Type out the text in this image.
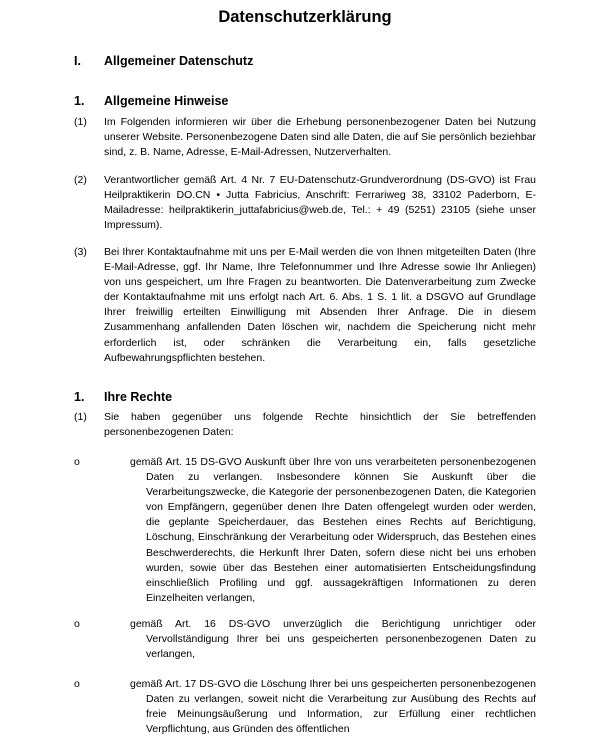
Datenschutzerklärung
I. Allgemeiner Datenschutz
1. Allgemeine Hinweise
(1) Im Folgenden informieren wir über die Erhebung personenbezogener Daten bei Nutzung unserer Website. Personenbezogene Daten sind alle Daten, die auf Sie persönlich beziehbar sind, z. B. Name, Adresse, E-Mail-Adressen, Nutzerverhalten.
(2) Verantwortlicher gemäß Art. 4 Nr. 7 EU-Datenschutz-Grundverordnung (DS-GVO) ist Frau Heilpraktikerin DO.CN • Jutta Fabricius, Anschrift: Ferrariweg 38, 33102 Paderborn, E-Mailadresse: heilpraktikerin_juttafabricius@web.de, Tel.: + 49 (5251) 23105 (siehe unser Impressum).
(3) Bei Ihrer Kontaktaufnahme mit uns per E-Mail werden die von Ihnen mitgeteilten Daten (Ihre E-Mail-Adresse, ggf. Ihr Name, Ihre Telefonnummer und Ihre Adresse sowie Ihr Anliegen) von uns gespeichert, um Ihre Fragen zu beantworten. Die Datenverarbeitung zum Zwecke der Kontaktaufnahme mit uns erfolgt nach Art. 6. Abs. 1 S. 1 lit. a DSGVO auf Grundlage Ihrer freiwillig erteilten Einwilligung mit Absenden Ihrer Anfrage. Die in diesem Zusammenhang anfallenden Daten löschen wir, nachdem die Speicherung nicht mehr erforderlich ist, oder schränken die Verarbeitung ein, falls gesetzliche Aufbewahrungspflichten bestehen.
1. Ihre Rechte
(1) Sie haben gegenüber uns folgende Rechte hinsichtlich der Sie betreffenden personenbezogenen Daten:
o	gemäß Art. 15 DS-GVO Auskunft über Ihre von uns verarbeiteten personenbezogenen Daten zu verlangen. Insbesondere können Sie Auskunft über die Verarbeitungszwecke, die Kategorie der personenbezogenen Daten, die Kategorien von Empfängern, gegenüber denen Ihre Daten offengelegt wurden oder werden, die geplante Speicherdauer, das Bestehen eines Rechts auf Berichtigung, Löschung, Einschränkung der Verarbeitung oder Widerspruch, das Bestehen eines Beschwerderechts, die Herkunft Ihrer Daten, sofern diese nicht bei uns erhoben wurden, sowie über das Bestehen einer automatisierten Entscheidungsfindung einschließlich Profiling und ggf. aussagekräftigen Informationen zu deren Einzelheiten verlangen,
o	gemäß Art. 16 DS-GVO unverzüglich die Berichtigung unrichtiger oder Vervollständigung Ihrer bei uns gespeicherten personenbezogenen Daten zu verlangen,
o	gemäß Art. 17 DS-GVO die Löschung Ihrer bei uns gespeicherten personenbezogenen Daten zu verlangen, soweit nicht die Verarbeitung zur Ausübung des Rechts auf freie Meinungsäußerung und Information, zur Erfüllung einer rechtlichen Verpflichtung, aus Gründen des öffentlichen
